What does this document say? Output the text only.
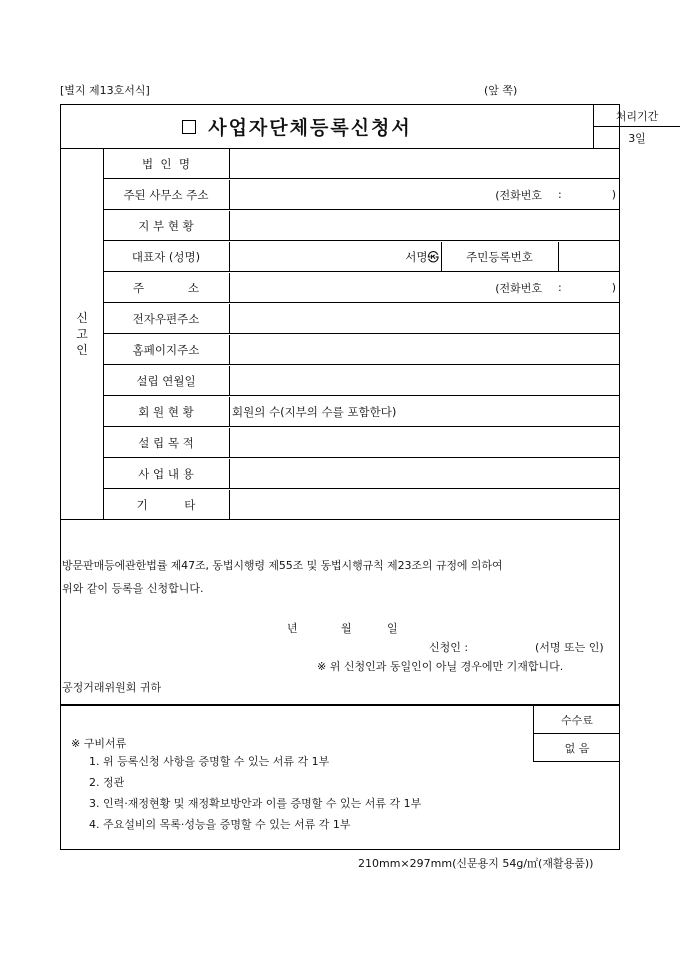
[별지 제13호서식]	(앞 쪽)
사업자단체등록신청서
처리기간
3일
신
고
인
법  인  명
주된 사무소 주소	(전화번호 :	)
지 부 현 황
대표자 (성명)	서명㉿	주민등록번호
주            소	(전화번호 :	)
전자우편주소
홈페이지주소
설립 연월일
회 원 현 황	회원의 수(지부의 수를 포함한다)
설 립 목 적
사 업 내 용
기          타

방문판매등에관한법률 제47조, 동법시행령 제55조 및 동법시행규칙 제23조의 규정에 의하여

위와 같이 등록을 신청합니다.

년	월	일

신청인 :	(서명 또는 인)

※ 위 신청인과 동일인이 아닐 경우에만 기재합니다.

공정거래위원회 귀하

수수료
없 음
※ 구비서류
1. 위 등록신청 사항을 증명할 수 있는 서류 각 1부
2. 정관
3. 인력·재정현황 및 재정확보방안과 이를 증명할 수 있는 서류 각 1부
4. 주요설비의 목록·성능을 증명할 수 있는 서류 각 1부
210mm×297mm(신문용지 54g/㎡(재활용품))
